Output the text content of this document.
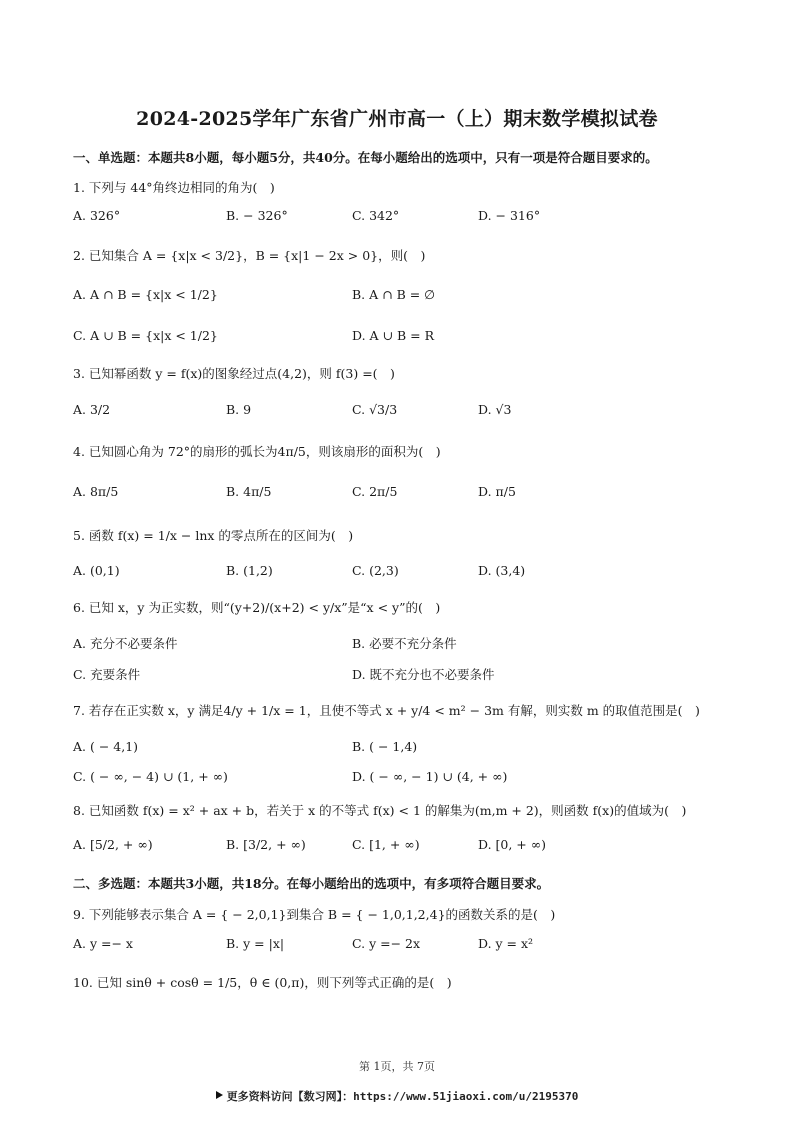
2024-2025学年广东省广州市高一（上）期末数学模拟试卷
一、单选题：本题共8小题，每小题5分，共40分。在每小题给出的选项中，只有一项是符合题目要求的。
1. 下列与 44°角终边相同的角为(　)
A. 326°	B. − 326°	C. 342°	D. − 316°
2. 已知集合 A = {x|x < 3/2}，B = {x|1 − 2x > 0}，则(　)
A. A ∩ B = {x|x < 1/2}	B. A ∩ B = ∅
C. A ∪ B = {x|x < 1/2}	D. A ∪ B = R
3. 已知幂函数 y = f(x)的图象经过点(4,2)，则 f(3) =(　)
A. 3/2	B. 9	C. √3/3	D. √3
4. 已知圆心角为 72°的扇形的弧长为4π/5，则该扇形的面积为(　)
A. 8π/5	B. 4π/5	C. 2π/5	D. π/5
5. 函数 f(x) = 1/x − lnx 的零点所在的区间为(　)
A. (0,1)	B. (1,2)	C. (2,3)	D. (3,4)
6. 已知 x，y 为正实数，则“(y+2)/(x+2) < y/x”是“x < y”的(　)
A. 充分不必要条件	B. 必要不充分条件
C. 充要条件	D. 既不充分也不必要条件
7. 若存在正实数 x，y 满足4/y + 1/x = 1，且使不等式 x + y/4 < m² − 3m 有解，则实数 m 的取值范围是(　)
A. ( − 4,1)	B. ( − 1,4)
C. ( − ∞, − 4) ∪ (1, + ∞)	D. ( − ∞, − 1) ∪ (4, + ∞)
8. 已知函数 f(x) = x² + ax + b，若关于 x 的不等式 f(x) < 1 的解集为(m,m + 2)，则函数 f(x)的值域为(　)
A. [5/2, + ∞)	B. [3/2, + ∞)	C. [1, + ∞)	D. [0, + ∞)
二、多选题：本题共3小题，共18分。在每小题给出的选项中，有多项符合题目要求。
9. 下列能够表示集合 A = { − 2,0,1}到集合 B = { − 1,0,1,2,4}的函数关系的是(　)
A. y =− x	B. y = |x|	C. y =− 2x	D. y = x²
10. 已知 sinθ + cosθ = 1/5，θ ∈ (0,π)，则下列等式正确的是(　)
第 1页，共 7页
更多资料访问【数习网】：https://www.51jiaoxi.com/u/2195370
